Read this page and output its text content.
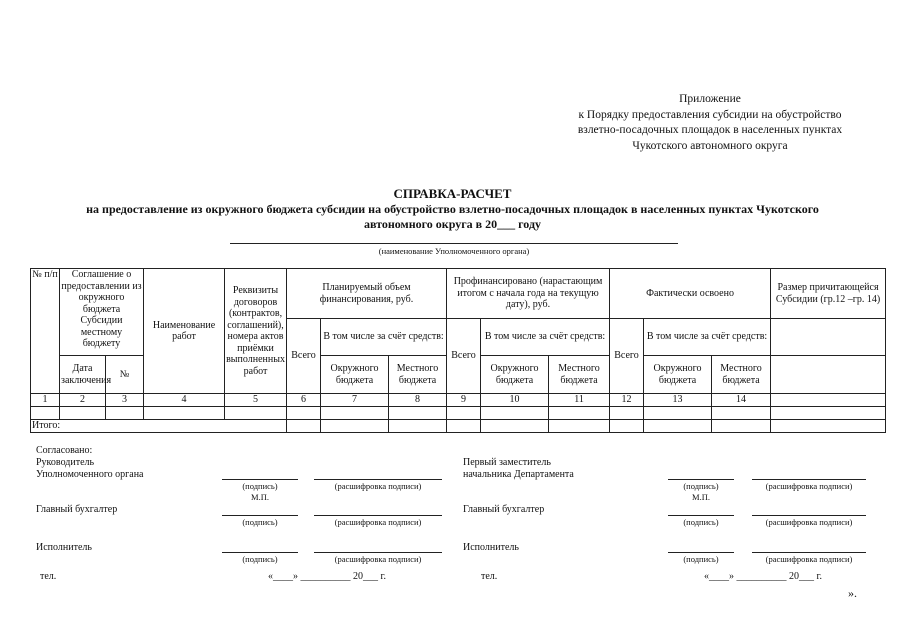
Приложение
к Порядку предоставления субсидии на обустройство
взлетно-посадочных площадок в населенных пунктах
Чукотского автономного округа
СПРАВКА-РАСЧЕТ
на предоставление из окружного бюджета субсидии на обустройство взлетно-посадочных площадок в населенных пунктах Чукотского
автономного округа в 20___ году
(наименование Уполномоченного органа)
№ п/п	Соглашение о предоставлении из окружного бюджета Субсидии местному бюджету		Наименование работ	Реквизиты договоров (контрактов, соглашений), номера актов приёмки выполненных работ	Планируемый объем финансирования, руб.			Профинансировано (нарастающим итогом с начала года на текущую дату), руб.			Фактически освоено			Размер причитающейся Субсидии (гр.12 –гр. 14)
					Всего	В том числе за счёт средств:		Всего	В том числе за счёт средств:		Всего	В том числе за счёт средств:		
	Дата заключения	№				Окружного бюджета	Местного бюджета		Окружного бюджета	Местного бюджета		Окружного бюджета	Местного бюджета	
1	2	3	4	5	6	7	8	9	10	11	12	13	14	

Итого:														
Согласовано:
Руководитель
Уполномоченного органа
(подпись)	(расшифровка подписи)
М.П.
Главный бухгалтер
(подпись)	(расшифровка подписи)
Исполнитель
(подпись)	(расшифровка подписи)
тел.	«____» __________ 20___ г.
Первый заместитель
начальника Департамента
(подпись)	(расшифровка подписи)
М.П.
Главный бухгалтер
(подпись)	(расшифровка подписи)
Исполнитель
(подпись)	(расшифровка подписи)
тел.	«____» __________ 20___ г.
».
